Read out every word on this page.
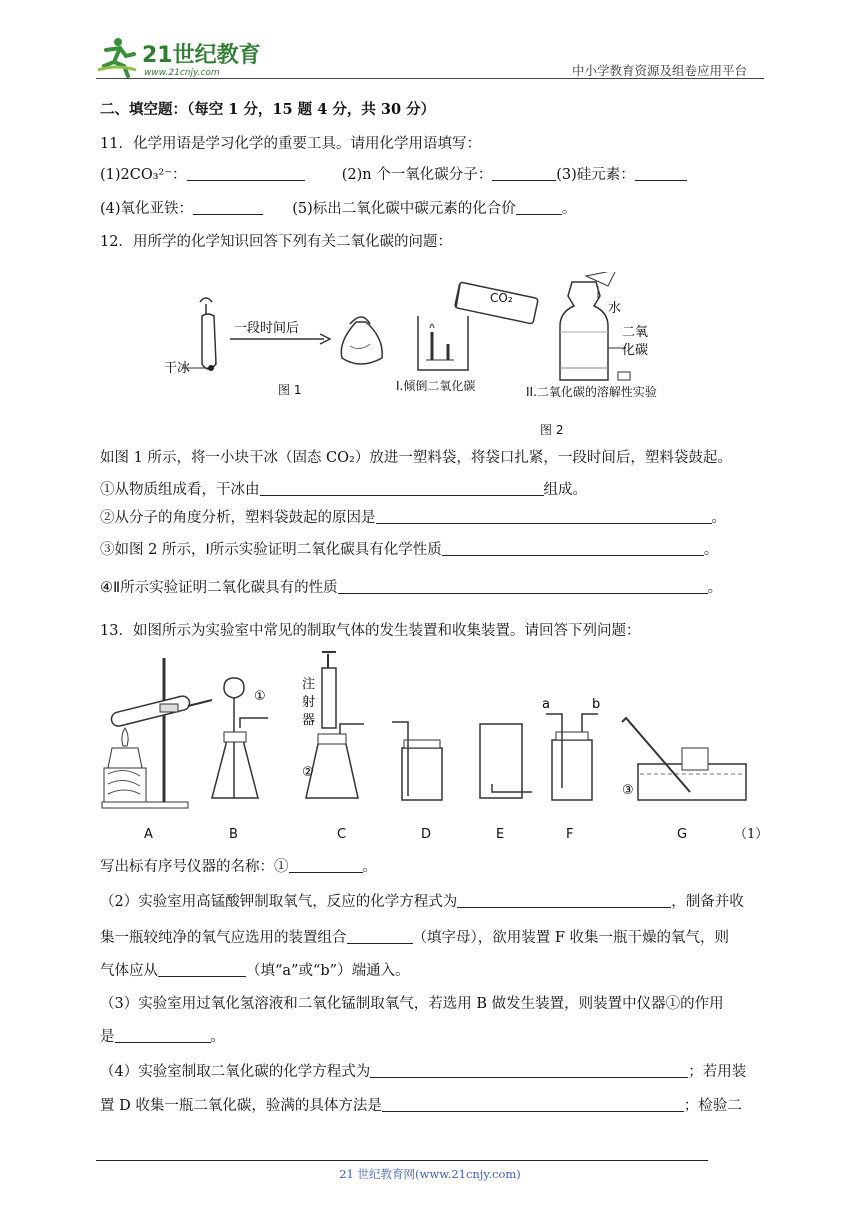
21世纪教育
www.21cnjy.com	中小学教育资源及组卷应用平台
二、填空题：（每空 1 分，15 题 4 分，共 30 分）
11．化学用语是学习化学的重要工具。请用化学用语填写：
(1)2CO₃²⁻：	(2)n 个一氧化碳分子：	(3)硅元素：
(4)氧化亚铁：	(5)标出二氧化碳中碳元素的化合价	。
12．用所学的化学知识回答下列有关二氧化碳的问题：
干冰
一段时间后
图 1
CO₂
I.倾倒二氧化碳
水
二氧
化碳
II.二氧化碳的溶解性实验
图 2
如图 1 所示，将一小块干冰（固态 CO₂）放进一塑料袋，将袋口扎紧，一段时间后，塑料袋鼓起。
①从物质组成看，干冰由	组成。
②从分子的角度分析，塑料袋鼓起的原因是	。
③如图 2 所示，Ⅰ所示实验证明二氧化碳具有化学性质	。
④Ⅱ所示实验证明二氧化碳具有的性质	。
13．如图所示为实验室中常见的制取气体的发生装置和收集装置。请回答下列问题：
①
注
射
器
②
a	b
③
A	B	C	D	E	F	G	（1）
写出标有序号仪器的名称：①	。
（2）实验室用高锰酸钾制取氧气，反应的化学方程式为	，制备并收
集一瓶较纯净的氧气应选用的装置组合	（填字母），欲用装置 F 收集一瓶干燥的氧气，则
气体应从	（填“a”或“b”）端通入。
（3）实验室用过氧化氢溶液和二氧化锰制取氧气，若选用 B 做发生装置，则装置中仪器①的作用
是	。
（4）实验室制取二氧化碳的化学方程式为	；若用装
置 D 收集一瓶二氧化碳，验满的具体方法是	；检验二
21 世纪教育网(www.21cnjy.com)
